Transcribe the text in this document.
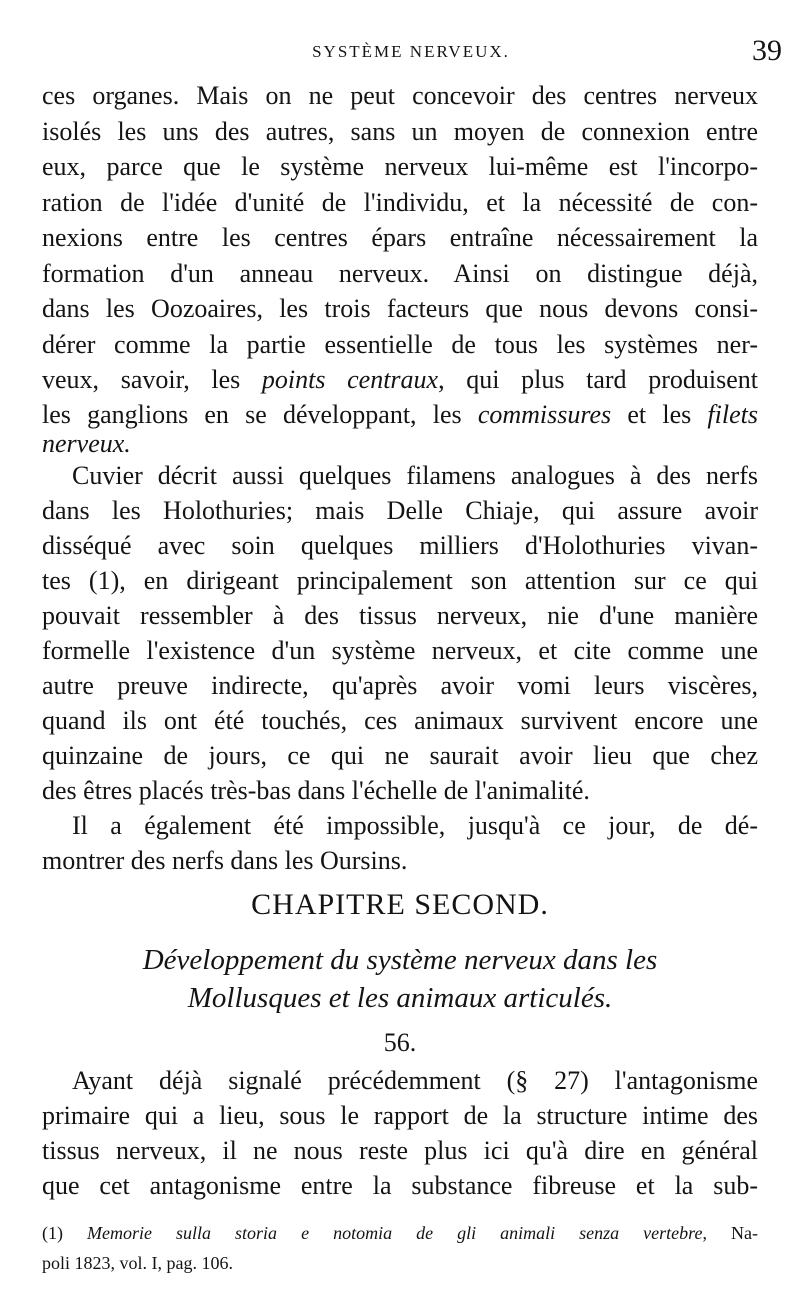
SYSTÈME NERVEUX.	39
ces organes. Mais on ne peut concevoir des centres nerveux
isolés les uns des autres, sans un moyen de connexion entre
eux, parce que le système nerveux lui-même est l'incorpo-
ration de l'idée d'unité de l'individu, et la nécessité de con-
nexions entre les centres épars entraîne nécessairement la
formation d'un anneau nerveux. Ainsi on distingue déjà,
dans les Oozoaires, les trois facteurs que nous devons consi-
dérer comme la partie essentielle de tous les systèmes ner-
veux, savoir, les points centraux, qui plus tard produisent
les ganglions en se développant, les commissures et les filets
nerveux.
Cuvier décrit aussi quelques filamens analogues à des nerfs
dans les Holothuries; mais Delle Chiaje, qui assure avoir
disséqué avec soin quelques milliers d'Holothuries vivan-
tes (1), en dirigeant principalement son attention sur ce qui
pouvait ressembler à des tissus nerveux, nie d'une manière
formelle l'existence d'un système nerveux, et cite comme une
autre preuve indirecte, qu'après avoir vomi leurs viscères,
quand ils ont été touchés, ces animaux survivent encore une
quinzaine de jours, ce qui ne saurait avoir lieu que chez
des êtres placés très-bas dans l'échelle de l'animalité.
Il a également été impossible, jusqu'à ce jour, de dé-
montrer des nerfs dans les Oursins.
Ayant déjà signalé précédemment (§ 27) l'antagonisme
primaire qui a lieu, sous le rapport de la structure intime des
tissus nerveux, il ne nous reste plus ici qu'à dire en général
que cet antagonisme entre la substance fibreuse et la sub-
(1) Memorie sulla storia e notomia de gli animali senza vertebre, Na-
poli 1823, vol. I, pag. 106.
CHAPITRE SECOND.
Développement du système nerveux dans les
Mollusques et les animaux articulés.
56.
